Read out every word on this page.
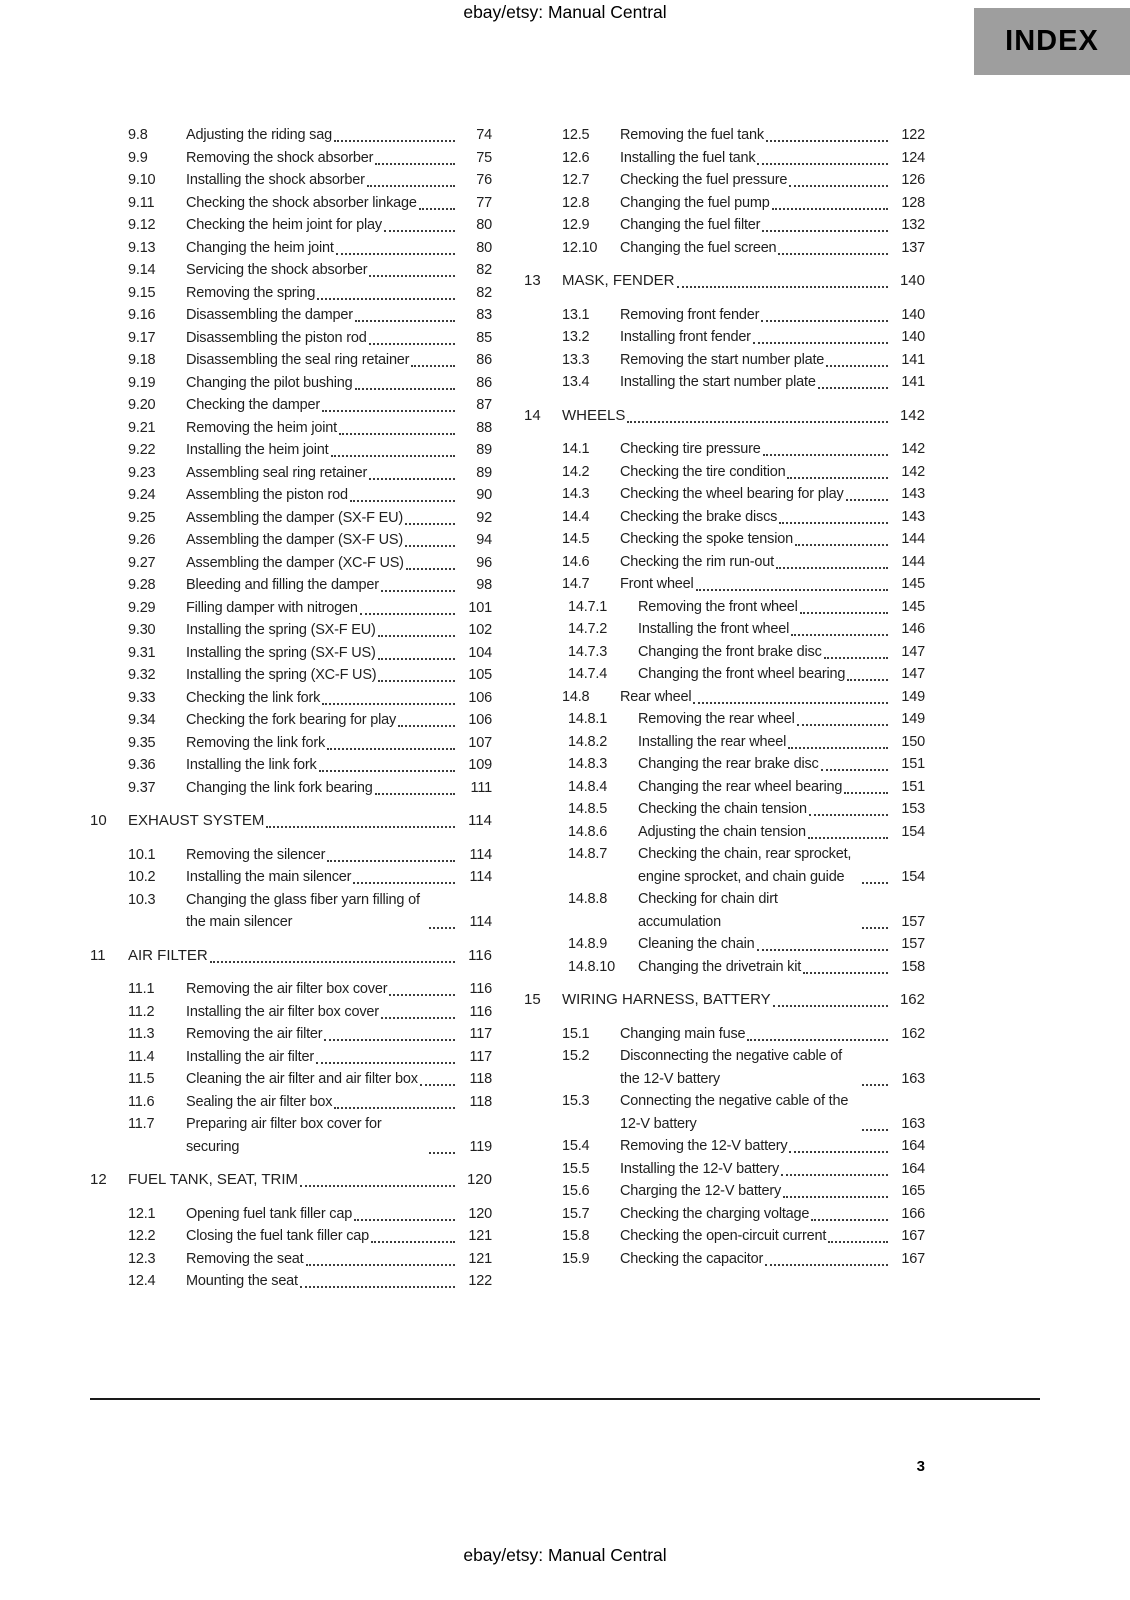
ebay/etsy: Manual Central
INDEX
9.8	Adjusting the riding sag	74
9.9	Removing the shock absorber	75
9.10	Installing the shock absorber	76
9.11	Checking the shock absorber linkage	77
9.12	Checking the heim joint for play	80
9.13	Changing the heim joint	80
9.14	Servicing the shock absorber	82
9.15	Removing the spring	82
9.16	Disassembling the damper	83
9.17	Disassembling the piston rod	85
9.18	Disassembling the seal ring retainer	86
9.19	Changing the pilot bushing	86
9.20	Checking the damper	87
9.21	Removing the heim joint	88
9.22	Installing the heim joint	89
9.23	Assembling seal ring retainer	89
9.24	Assembling the piston rod	90
9.25	Assembling the damper (SX-F EU)	92
9.26	Assembling the damper (SX-F US)	94
9.27	Assembling the damper (XC-F US)	96
9.28	Bleeding and filling the damper	98
9.29	Filling damper with nitrogen	101
9.30	Installing the spring (SX-F EU)	102
9.31	Installing the spring (SX-F US)	104
9.32	Installing the spring (XC-F US)	105
9.33	Checking the link fork	106
9.34	Checking the fork bearing for play	106
9.35	Removing the link fork	107
9.36	Installing the link fork	109
9.37	Changing the link fork bearing	111
10	EXHAUST SYSTEM	114
10.1	Removing the silencer	114
10.2	Installing the main silencer	114
10.3	Changing the glass fiber yarn filling of the main silencer	114
11	AIR FILTER	116
11.1	Removing the air filter box cover	116
11.2	Installing the air filter box cover	116
11.3	Removing the air filter	117
11.4	Installing the air filter	117
11.5	Cleaning the air filter and air filter box	118
11.6	Sealing the air filter box	118
11.7	Preparing air filter box cover for securing	119
12	FUEL TANK, SEAT, TRIM	120
12.1	Opening fuel tank filler cap	120
12.2	Closing the fuel tank filler cap	121
12.3	Removing the seat	121
12.4	Mounting the seat	122
12.5	Removing the fuel tank	122
12.6	Installing the fuel tank	124
12.7	Checking the fuel pressure	126
12.8	Changing the fuel pump	128
12.9	Changing the fuel filter	132
12.10	Changing the fuel screen	137
13	MASK, FENDER	140
13.1	Removing front fender	140
13.2	Installing front fender	140
13.3	Removing the start number plate	141
13.4	Installing the start number plate	141
14	WHEELS	142
14.1	Checking tire pressure	142
14.2	Checking the tire condition	142
14.3	Checking the wheel bearing for play	143
14.4	Checking the brake discs	143
14.5	Checking the spoke tension	144
14.6	Checking the rim run-out	144
14.7	Front wheel	145
14.7.1	Removing the front wheel	145
14.7.2	Installing the front wheel	146
14.7.3	Changing the front brake disc	147
14.7.4	Changing the front wheel bearing	147
14.8	Rear wheel	149
14.8.1	Removing the rear wheel	149
14.8.2	Installing the rear wheel	150
14.8.3	Changing the rear brake disc	151
14.8.4	Changing the rear wheel bearing	151
14.8.5	Checking the chain tension	153
14.8.6	Adjusting the chain tension	154
14.8.7	Checking the chain, rear sprocket, engine sprocket, and chain guide	154
14.8.8	Checking for chain dirt accumulation	157
14.8.9	Cleaning the chain	157
14.8.10	Changing the drivetrain kit	158
15	WIRING HARNESS, BATTERY	162
15.1	Changing main fuse	162
15.2	Disconnecting the negative cable of the 12-V battery	163
15.3	Connecting the negative cable of the 12-V battery	163
15.4	Removing the 12-V battery	164
15.5	Installing the 12-V battery	164
15.6	Charging the 12-V battery	165
15.7	Checking the charging voltage	166
15.8	Checking the open-circuit current	167
15.9	Checking the capacitor	167
3
ebay/etsy: Manual Central
